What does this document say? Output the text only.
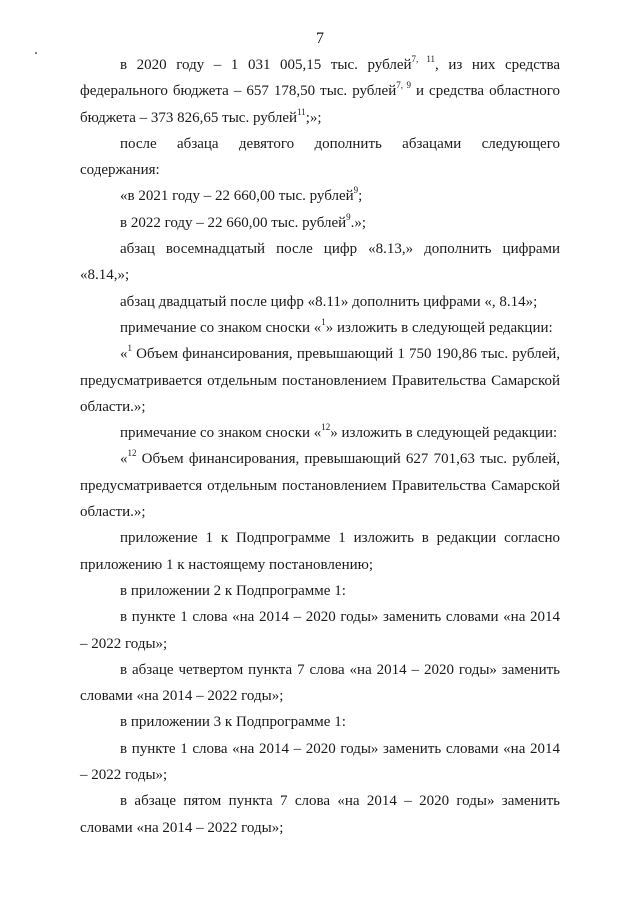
7

в 2020 году – 1 031 005,15 тыс. рублей$^{7, 11}$, из них средства федерального бюджета – 657 178,50 тыс. рублей$^{7, 9}$ и средства областного бюджета – 373 826,65 тыс. рублей$^{11}$;»;

после абзаца девятого дополнить абзацами следующего содержания:

«в 2021 году – 22 660,00 тыс. рублей$^9$;

в 2022 году – 22 660,00 тыс. рублей$^9$.»;

абзац восемнадцатый после цифр «8.13,» дополнить цифрами «8.14,»;

абзац двадцатый после цифр «8.11» дополнить цифрами «, 8.14»;

примечание со знаком сноски «$^1$» изложить в следующей редакции:

«$^1$ Объем финансирования, превышающий 1 750 190,86 тыс. рублей, предусматривается отдельным постановлением Правительства Самарской области.»;

примечание со знаком сноски «$^{12}$» изложить в следующей редакции:

«$^{12}$ Объем финансирования, превышающий 627 701,63 тыс. рублей, предусматривается отдельным постановлением Правительства Самарской области.»;

приложение 1 к Подпрограмме 1 изложить в редакции согласно приложению 1 к настоящему постановлению;

в приложении 2 к Подпрограмме 1:

в пункте 1 слова «на 2014 – 2020 годы» заменить словами «на 2014 – 2022 годы»;

в абзаце четвертом пункта 7 слова «на 2014 – 2020 годы» заменить словами «на 2014 – 2022 годы»;

в приложении 3 к Подпрограмме 1:

в пункте 1 слова «на 2014 – 2020 годы» заменить словами «на 2014 – 2022 годы»;

в абзаце пятом пункта 7 слова «на 2014 – 2020 годы» заменить словами «на 2014 – 2022 годы»;
